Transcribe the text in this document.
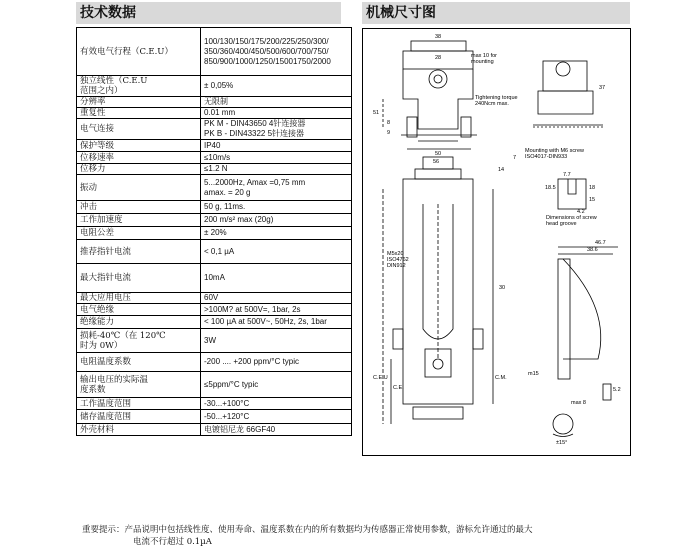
技术数据	机械尺寸图
有效电气行程（C.E.U）	100/130/150/175/200/225/250/300/
350/360/400/450/500/600/700/750/
850/900/1000/1250/15001750/2000
独立线性（C.E.U
范围之内）	± 0,05%
分辨率	无限制
重复性	0.01 mm
电气连接	PK M - DIN43650 4针连接器
PK B - DIN43322 5针连接器
保护等级	IP40
位移速率	≤10m/s
位移力	≤1.2 N
振动	5...2000Hz, Amax =0,75 mm
amax. = 20 g
冲击	50 g, 11ms.
工作加速度	200 m/s² max (20g)
电阻公差	± 20%
推荐指针电流	< 0,1 µA
最大指针电流	10mA
最大应用电压	60V
电气绝缘	>100M? at 500V=, 1bar, 2s
绝缘能力	< 100 µA at 500V~, 50Hz, 2s, 1bar
损耗-40℃（在 120℃
时为 0W）	3W
电阻温度系数	-200 .... +200 ppm/°C typic
输出电压的实际温
度系数	≤5ppm/°C typic
工作温度范围	-30...+100°C
储存温度范围	-50...+120°C
外壳材料	电镀铝尼龙 66GF40
38
28
50
56
37
51
8
9
7
7.7
18
15
4.2
14
46.7
38.6
18.5
30
C.E.U
C.E.
C.M.
max 8
m15
5.2
±15°
max 10 for mounting
Tightening torque 240Ncm max.
Mounting with M6 screw ISO4017-DIN933
Dimensions of screw head groove
M5x20 ISO4762 DIN912
重要提示：产品说明中包括线性度、使用寿命、温度系数在内的所有数据均为传感器正常使用参数，游标允许通过的最大
电流不行超过 0.1µA
